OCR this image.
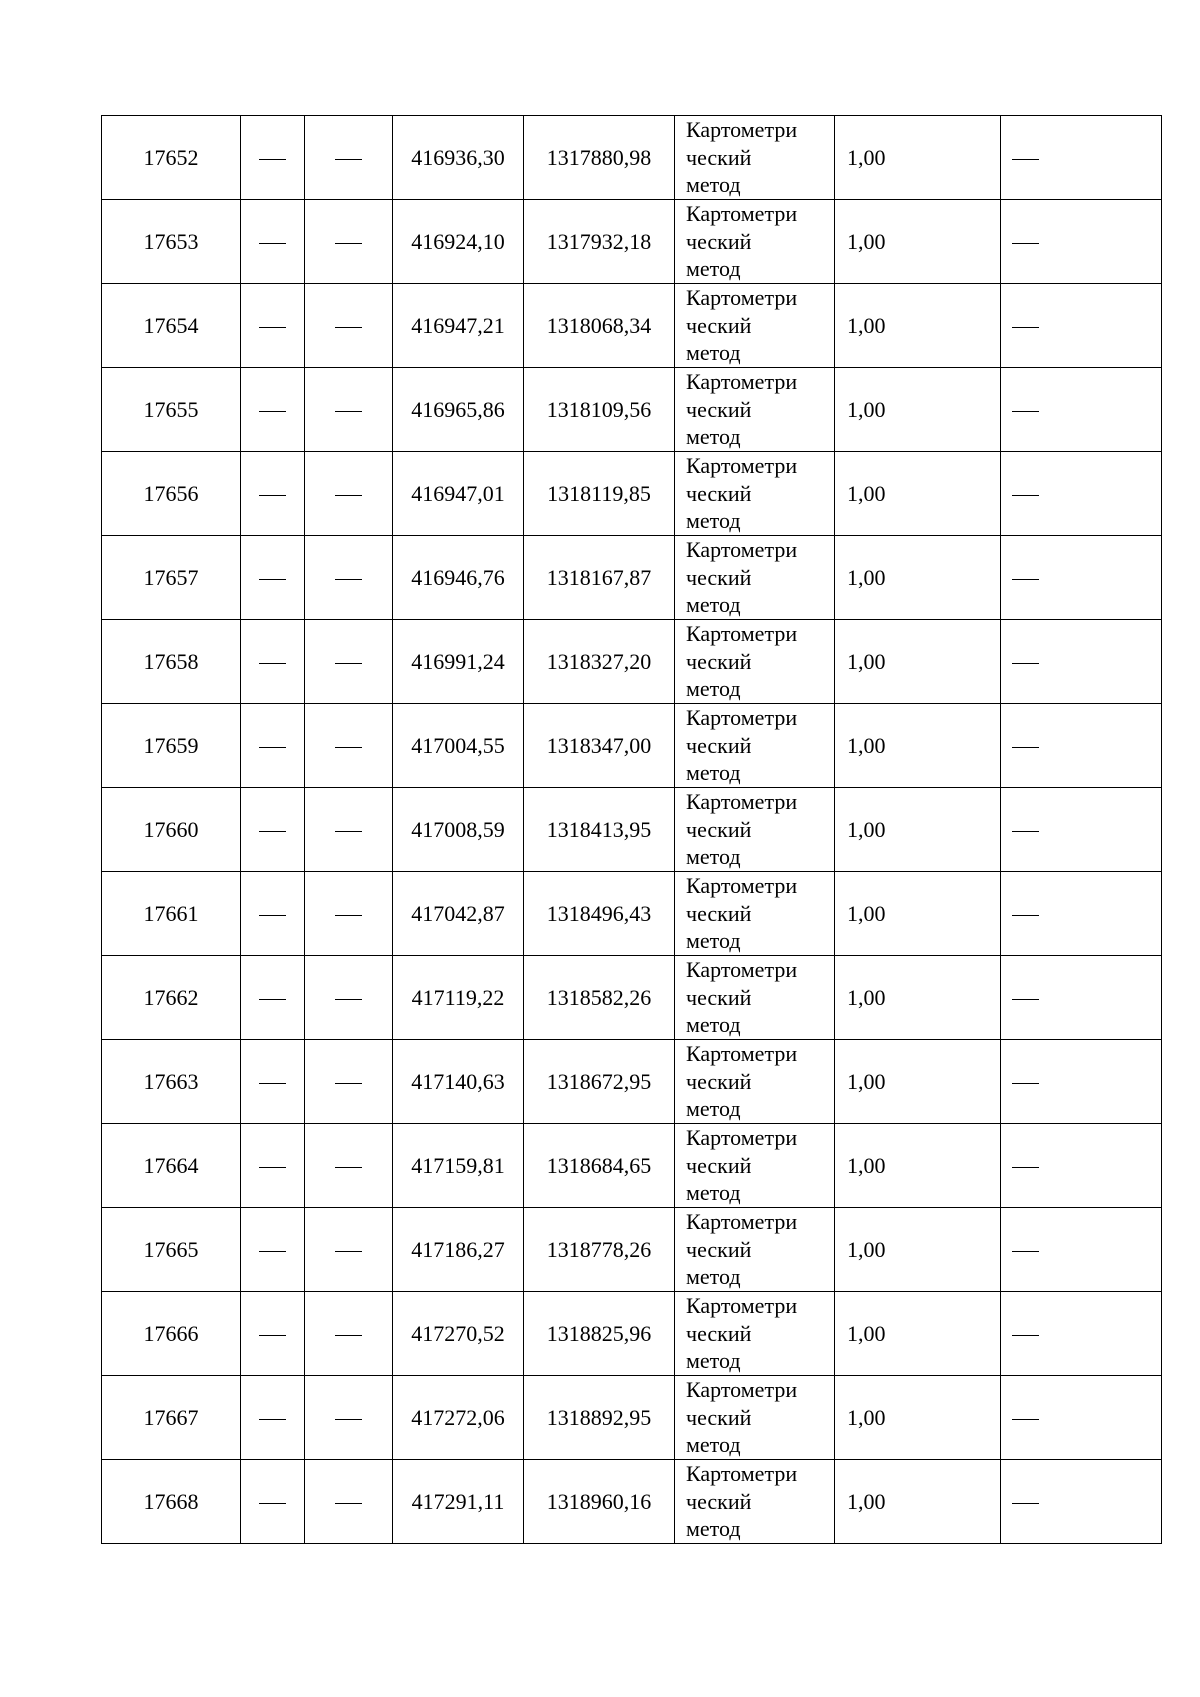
17652			416936,30	1317880,98	Картометри
ческий
метод	1,00	
17653			416924,10	1317932,18	Картометри
ческий
метод	1,00	
17654			416947,21	1318068,34	Картометри
ческий
метод	1,00	
17655			416965,86	1318109,56	Картометри
ческий
метод	1,00	
17656			416947,01	1318119,85	Картометри
ческий
метод	1,00	
17657			416946,76	1318167,87	Картометри
ческий
метод	1,00	
17658			416991,24	1318327,20	Картометри
ческий
метод	1,00	
17659			417004,55	1318347,00	Картометри
ческий
метод	1,00	
17660			417008,59	1318413,95	Картометри
ческий
метод	1,00	
17661			417042,87	1318496,43	Картометри
ческий
метод	1,00	
17662			417119,22	1318582,26	Картометри
ческий
метод	1,00	
17663			417140,63	1318672,95	Картометри
ческий
метод	1,00	
17664			417159,81	1318684,65	Картометри
ческий
метод	1,00	
17665			417186,27	1318778,26	Картометри
ческий
метод	1,00	
17666			417270,52	1318825,96	Картометри
ческий
метод	1,00	
17667			417272,06	1318892,95	Картометри
ческий
метод	1,00	
17668			417291,11	1318960,16	Картометри
ческий
метод	1,00	
